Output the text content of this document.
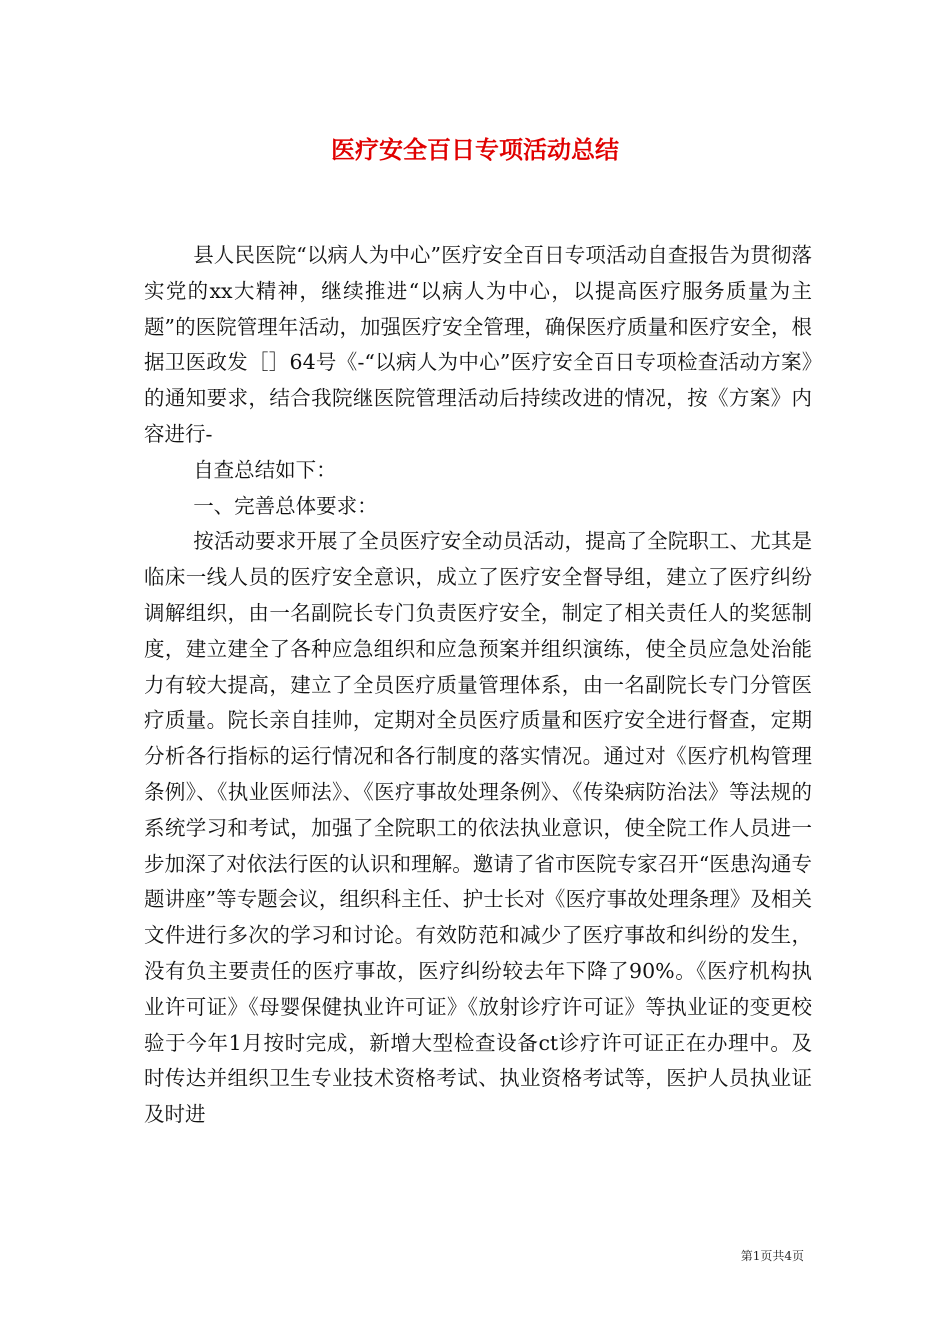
医疗安全百日专项活动总结

县人民医院“以病人为中心”医疗安全百日专项活动自查报告为贯彻落实党的xx大精神，继续推进“以病人为中心，以提高医疗服务质量为主题”的医院管理年活动，加强医疗安全管理，确保医疗质量和医疗安全，根据卫医政发［］64号《-“以病人为中心”医疗安全百日专项检查活动方案》的通知要求，结合我院继医院管理活动后持续改进的情况，按《方案》内容进行-

自查总结如下：

一、完善总体要求：

按活动要求开展了全员医疗安全动员活动，提高了全院职工、尤其是临床一线人员的医疗安全意识，成立了医疗安全督导组，建立了医疗纠纷调解组织，由一名副院长专门负责医疗安全，制定了相关责任人的奖惩制度，建立建全了各种应急组织和应急预案并组织演练，使全员应急处治能力有较大提高，建立了全员医疗质量管理体系，由一名副院长专门分管医疗质量。院长亲自挂帅，定期对全员医疗质量和医疗安全进行督查，定期分析各行指标的运行情况和各行制度的落实情况。通过对《医疗机构管理条例》、《执业医师法》、《医疗事故处理条例》、《传染病防治法》等法规的系统学习和考试，加强了全院职工的依法执业意识，使全院工作人员进一步加深了对依法行医的认识和理解。邀请了省市医院专家召开“医患沟通专题讲座”等专题会议，组织科主任、护士长对《医疗事故处理条理》及相关文件进行多次的学习和讨论。有效防范和减少了医疗事故和纠纷的发生，没有负主要责任的医疗事故，医疗纠纷较去年下降了90%。《医疗机构执业许可证》《母婴保健执业许可证》《放射诊疗许可证》等执业证的变更校验于今年1月按时完成，新增大型检查设备ct诊疗许可证正在办理中。及时传达并组织卫生专业技术资格考试、执业资格考试等，医护人员执业证及时进

第1页共4页
